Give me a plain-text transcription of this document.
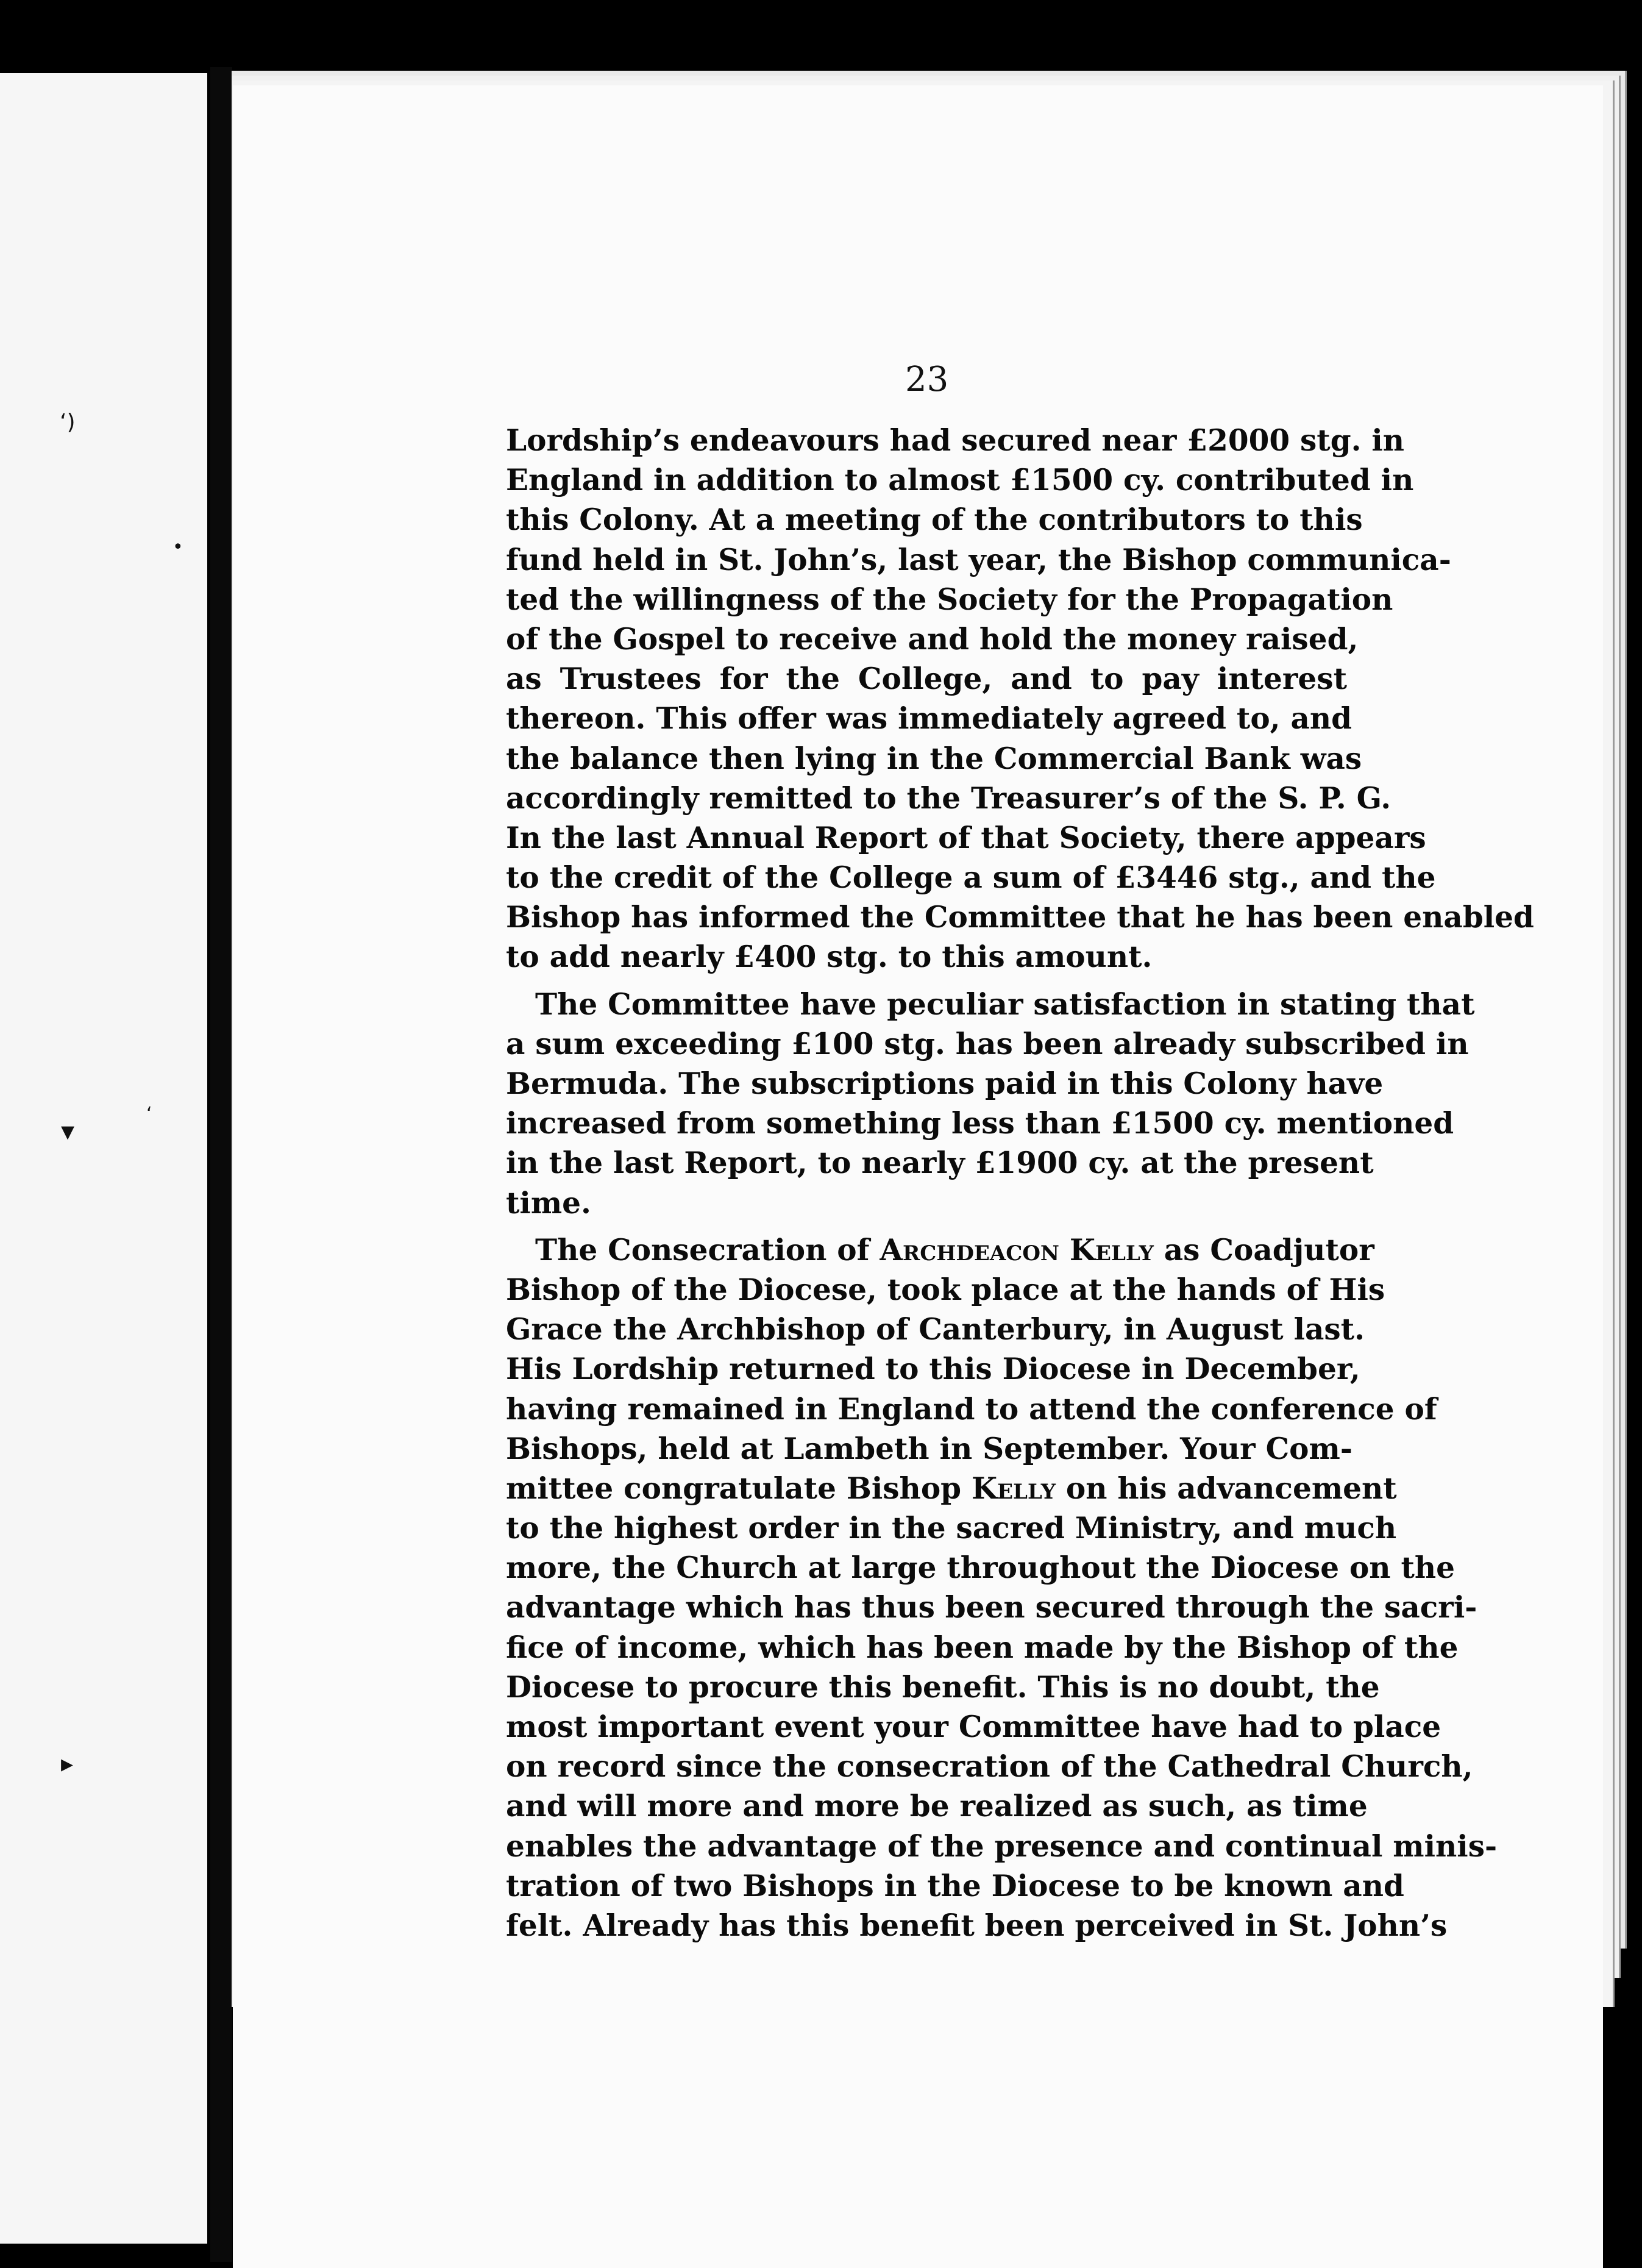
‘)
•
▾
‘
▸
23
Lordship’s endeavours had secured near £2000 stg. in
England in addition to almost £1500 cy. contributed in
this Colony. At a meeting of the contributors to this
fund held in St. John’s, last year, the Bishop communica-
ted the willingness of the Society for the Propagation
of the Gospel to receive and hold the money raised,
as Trustees for the College, and to pay interest
thereon. This offer was immediately agreed to, and
the balance then lying in the Commercial Bank was
accordingly remitted to the Treasurer’s of the S. P. G.
In the last Annual Report of that Society, there appears
to the credit of the College a sum of £3446 stg., and the
Bishop has informed the Committee that he has been enabled
to add nearly £400 stg. to this amount.
The Committee have peculiar satisfaction in stating that
a sum exceeding £100 stg. has been already subscribed in
Bermuda. The subscriptions paid in this Colony have
increased from something less than £1500 cy. mentioned
in the last Report, to nearly £1900 cy. at the present
time.
The Consecration of Archdeacon Kelly as Coadjutor
Bishop of the Diocese, took place at the hands of His
Grace the Archbishop of Canterbury, in August last.
His Lordship returned to this Diocese in December,
having remained in England to attend the conference of
Bishops, held at Lambeth in September. Your Com-
mittee congratulate Bishop Kelly on his advancement
to the highest order in the sacred Ministry, and much
more, the Church at large throughout the Diocese on the
advantage which has thus been secured through the sacri-
fice of income, which has been made by the Bishop of the
Diocese to procure this benefit. This is no doubt, the
most important event your Committee have had to place
on record since the consecration of the Cathedral Church,
and will more and more be realized as such, as time
enables the advantage of the presence and continual minis-
tration of two Bishops in the Diocese to be known and
felt. Already has this benefit been perceived in St. John’s
